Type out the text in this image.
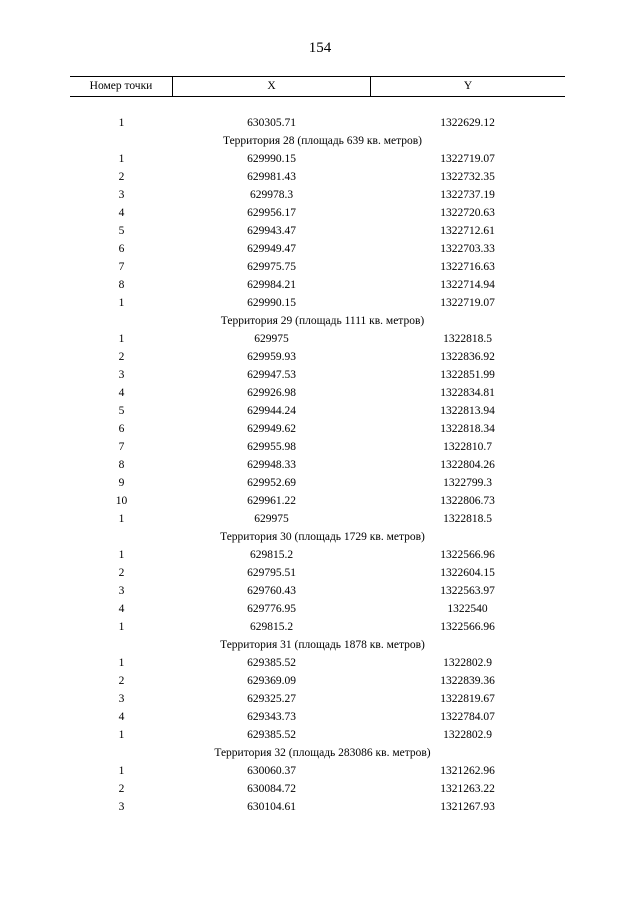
154
Номер точки	X	Y
1	630305.71	1322629.12
Территория 28 (площадь 639 кв. метров)
1	629990.15	1322719.07
2	629981.43	1322732.35
3	629978.3	1322737.19
4	629956.17	1322720.63
5	629943.47	1322712.61
6	629949.47	1322703.33
7	629975.75	1322716.63
8	629984.21	1322714.94
1	629990.15	1322719.07
Территория 29 (площадь 1111 кв. метров)
1	629975	1322818.5
2	629959.93	1322836.92
3	629947.53	1322851.99
4	629926.98	1322834.81
5	629944.24	1322813.94
6	629949.62	1322818.34
7	629955.98	1322810.7
8	629948.33	1322804.26
9	629952.69	1322799.3
10	629961.22	1322806.73
1	629975	1322818.5
Территория 30 (площадь 1729 кв. метров)
1	629815.2	1322566.96
2	629795.51	1322604.15
3	629760.43	1322563.97
4	629776.95	1322540
1	629815.2	1322566.96
Территория 31 (площадь 1878 кв. метров)
1	629385.52	1322802.9
2	629369.09	1322839.36
3	629325.27	1322819.67
4	629343.73	1322784.07
1	629385.52	1322802.9
Территория 32 (площадь 283086 кв. метров)
1	630060.37	1321262.96
2	630084.72	1321263.22
3	630104.61	1321267.93
